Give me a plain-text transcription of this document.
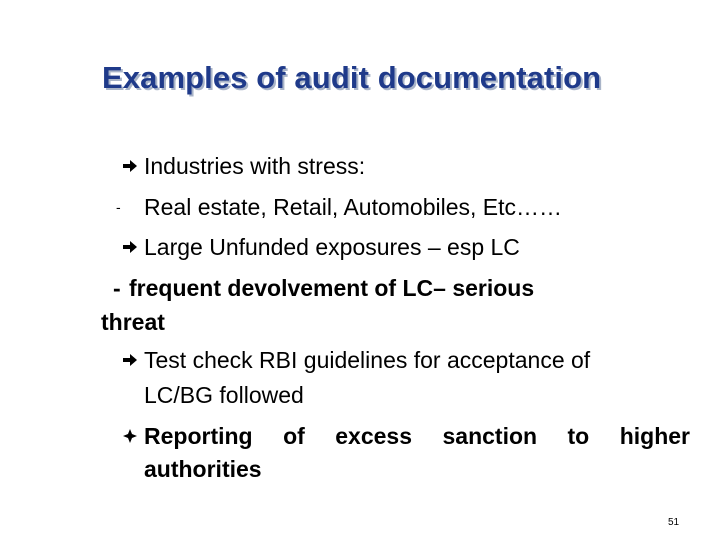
Examples of audit documentation
Industries with stress:
- Real estate, Retail, Automobiles, Etc……
Large Unfunded exposures – esp LC
- frequent devolvement of LC– serious
threat
Test check RBI guidelines for acceptance of
LC/BG followed
Reporting of excess sanction to higher
authorities
51
